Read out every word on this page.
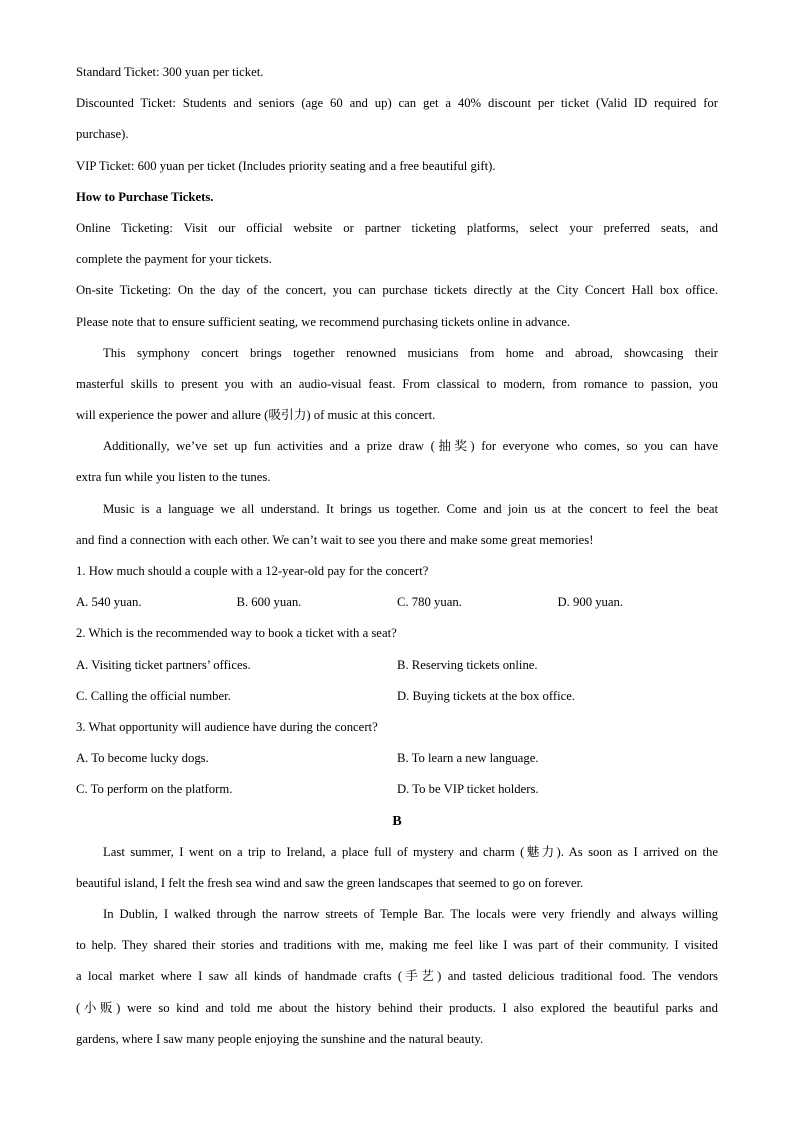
Standard Ticket: 300 yuan per ticket.
Discounted Ticket: Students and seniors (age 60 and up) can get a 40% discount per ticket (Valid ID required for
purchase).
VIP Ticket: 600 yuan per ticket (Includes priority seating and a free beautiful gift).
How to Purchase Tickets.
Online Ticketing: Visit our official website or partner ticketing platforms, select your preferred seats, and
complete the payment for your tickets.
On-site Ticketing: On the day of the concert, you can purchase tickets directly at the City Concert Hall box office.
Please note that to ensure sufficient seating, we recommend purchasing tickets online in advance.
This symphony concert brings together renowned musicians from home and abroad, showcasing their
masterful skills to present you with an audio-visual feast. From classical to modern, from romance to passion, you
will experience the power and allure (吸引力) of music at this concert.
Additionally, we’ve set up fun activities and a prize draw (抽奖) for everyone who comes, so you can have
extra fun while you listen to the tunes.
Music is a language we all understand. It brings us together. Come and join us at the concert to feel the beat
and find a connection with each other. We can’t wait to see you there and make some great memories!
1. How much should a couple with a 12-year-old pay for the concert?
A. 540 yuan.	B. 600 yuan.	C. 780 yuan.	D. 900 yuan.
2. Which is the recommended way to book a ticket with a seat?
A. Visiting ticket partners’ offices.	B. Reserving tickets online.
C. Calling the official number.	D. Buying tickets at the box office.
3. What opportunity will audience have during the concert?
A. To become lucky dogs.	B. To learn a new language.
C. To perform on the platform.	D. To be VIP ticket holders.
B
Last summer, I went on a trip to Ireland, a place full of mystery and charm (魅力). As soon as I arrived on the
beautiful island, I felt the fresh sea wind and saw the green landscapes that seemed to go on forever.
In Dublin, I walked through the narrow streets of Temple Bar. The locals were very friendly and always willing
to help. They shared their stories and traditions with me, making me feel like I was part of their community. I visited
a local market where I saw all kinds of handmade crafts (手艺) and tasted delicious traditional food. The vendors
(小贩) were so kind and told me about the history behind their products. I also explored the beautiful parks and
gardens, where I saw many people enjoying the sunshine and the natural beauty.
